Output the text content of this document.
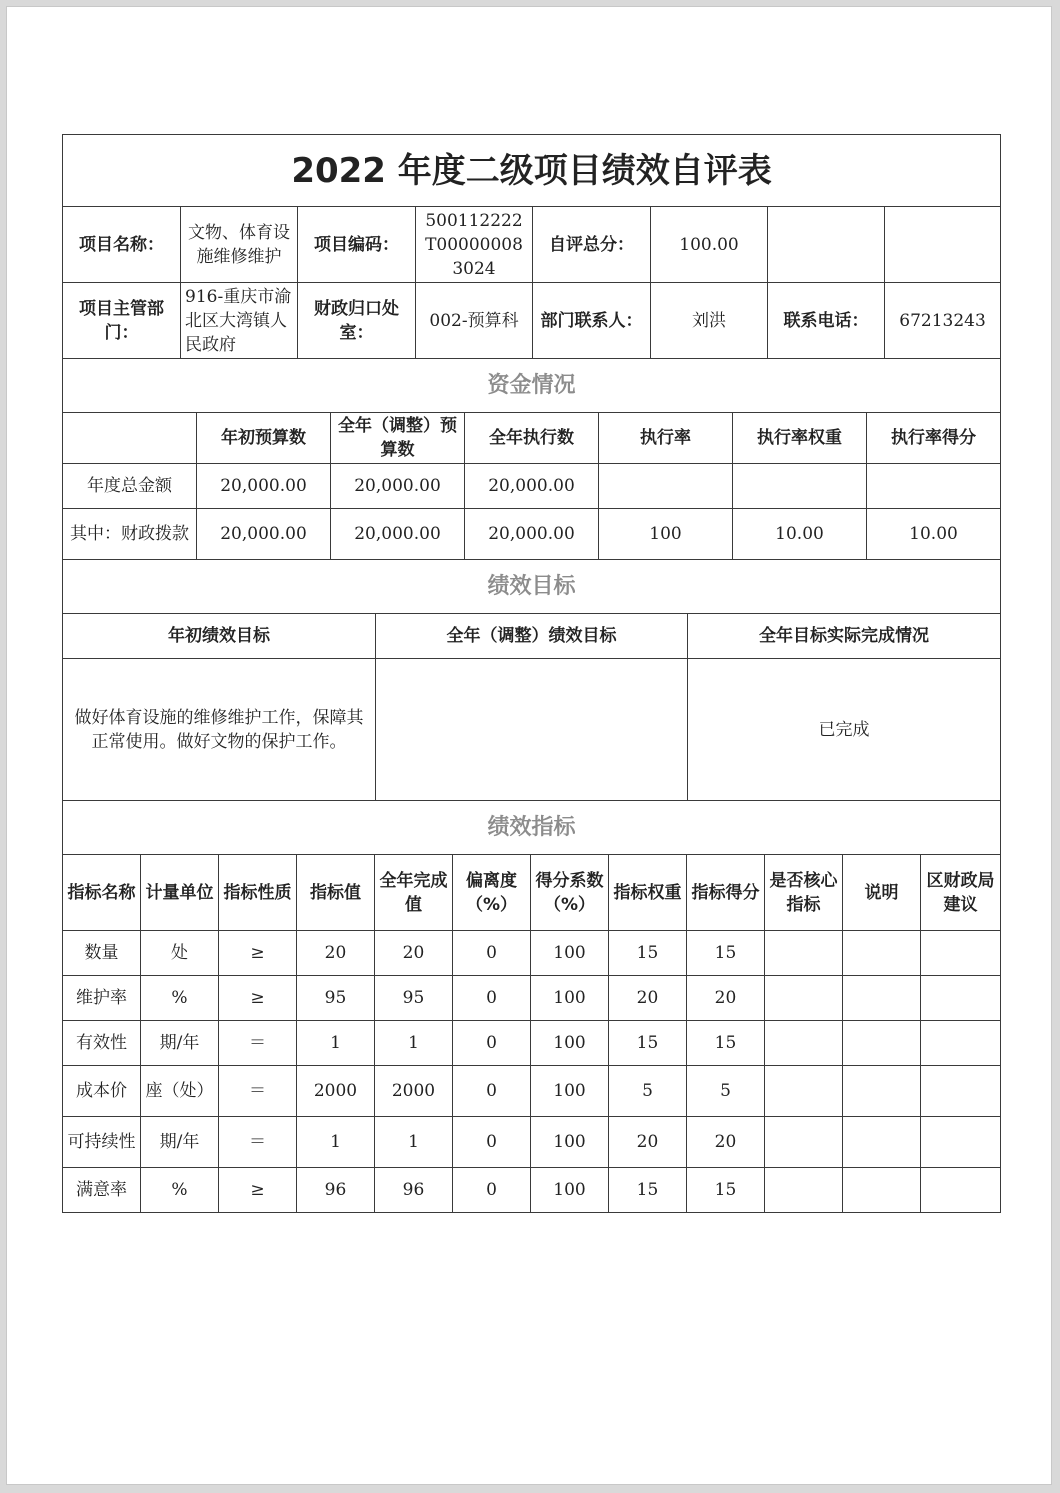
2022 年度二级项目绩效自评表							
项目名称：	文物、体育设施维修维护	项目编码：	500112222T000000083024	自评总分：	100.00		
项目主管部门：	916-重庆市渝北区大湾镇人民政府	财政归口处室：	002-预算科	部门联系人：	刘洪	联系电话：	67213243
资金情况						
	年初预算数	全年（调整）预算数	全年执行数	执行率	执行率权重	执行率得分
年度总金额	20,000.00	20,000.00	20,000.00			
其中：财政拨款	20,000.00	20,000.00	20,000.00	100	10.00	10.00
绩效目标		
年初绩效目标	全年（调整）绩效目标	全年目标实际完成情况
做好体育设施的维修维护工作，保障其正常使用。做好文物的保护工作。		已完成
绩效指标											
指标名称	计量单位	指标性质	指标值	全年完成值	偏离度（%）	得分系数（%）	指标权重	指标得分	是否核心指标	说明	区财政局建议
数量	处	≥	20	20	0	100	15	15			
维护率	%	≥	95	95	0	100	20	20			
有效性	期/年	＝	1	1	0	100	15	15			
成本价	座（处）	＝	2000	2000	0	100	5	5			
可持续性	期/年	＝	1	1	0	100	20	20			
满意率	%	≥	96	96	0	100	15	15			
